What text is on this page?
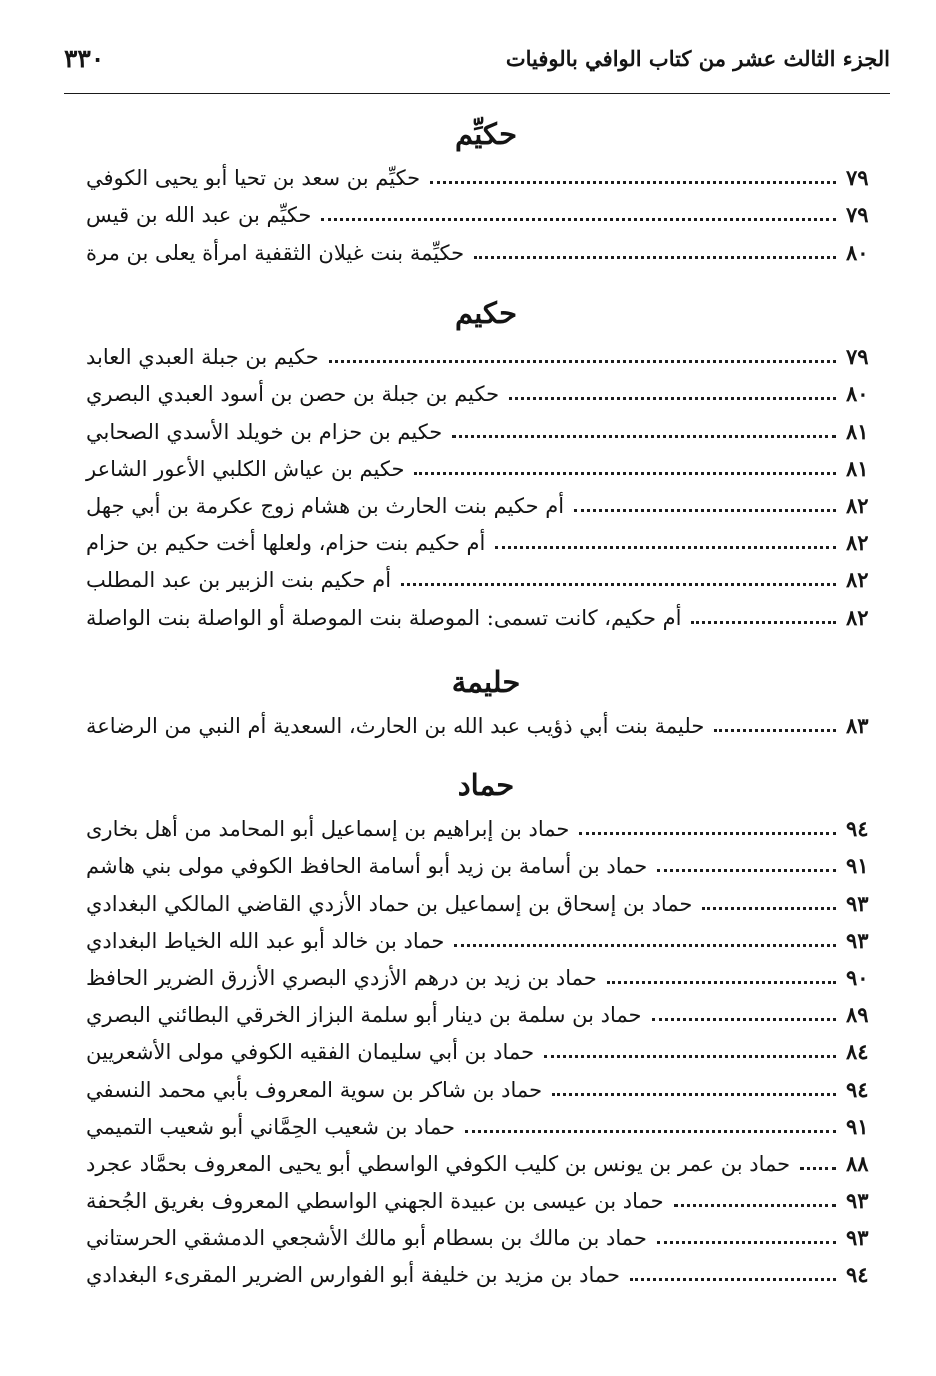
٣٣٠	الجزء الثالث عشر من كتاب الوافي بالوفيات
حكيِّم
حكيِّم بن سعد بن تحيا أبو يحيى الكوفي	٧٩
حكيِّم بن عبد الله بن قيس	٧٩
حكيِّمة بنت غيلان الثقفية امرأة يعلى بن مرة	٨٠
حكيم
حكيم بن جبلة العبدي العابد	٧٩
حكيم بن جبلة بن حصن بن أسود العبدي البصري	٨٠
حكيم بن حزام بن خويلد الأسدي الصحابي	٨١
حكيم بن عياش الكلبي الأعور الشاعر	٨١
أم حكيم بنت الحارث بن هشام زوج عكرمة بن أبي جهل	٨٢
أم حكيم بنت حزام، ولعلها أخت حكيم بن حزام	٨٢
أم حكيم بنت الزبير بن عبد المطلب	٨٢
أم حكيم، كانت تسمى: الموصلة بنت الموصلة أو الواصلة بنت الواصلة	٨٢
حليمة
حليمة بنت أبي ذؤيب عبد الله بن الحارث، السعدية أم النبي من الرضاعة	٨٣
حماد
حماد بن إبراهيم بن إسماعيل أبو المحامد من أهل بخارى	٩٤
حماد بن أسامة بن زيد أبو أسامة الحافظ الكوفي مولى بني هاشم	٩١
حماد بن إسحاق بن إسماعيل بن حماد الأزدي القاضي المالكي البغدادي	٩٣
حماد بن خالد أبو عبد الله الخياط البغدادي	٩٣
حماد بن زيد بن درهم الأزدي البصري الأزرق الضرير الحافظ	٩٠
حماد بن سلمة بن دينار أبو سلمة البزاز الخرقي البطائني البصري	٨٩
حماد بن أبي سليمان الفقيه الكوفي مولى الأشعريين	٨٤
حماد بن شاكر بن سوية المعروف بأبي محمد النسفي	٩٤
حماد بن شعيب الحِمَّاني أبو شعيب التميمي	٩١
حماد بن عمر بن يونس بن كليب الكوفي الواسطي أبو يحيى المعروف بحمَّاد عجرد	٨٨
حماد بن عيسى بن عبيدة الجهني الواسطي المعروف بغريق الجُحفة	٩٣
حماد بن مالك بن بسطام أبو مالك الأشجعي الدمشقي الحرستاني	٩٣
حماد بن مزيد بن خليفة أبو الفوارس الضرير المقرىء البغدادي	٩٤
